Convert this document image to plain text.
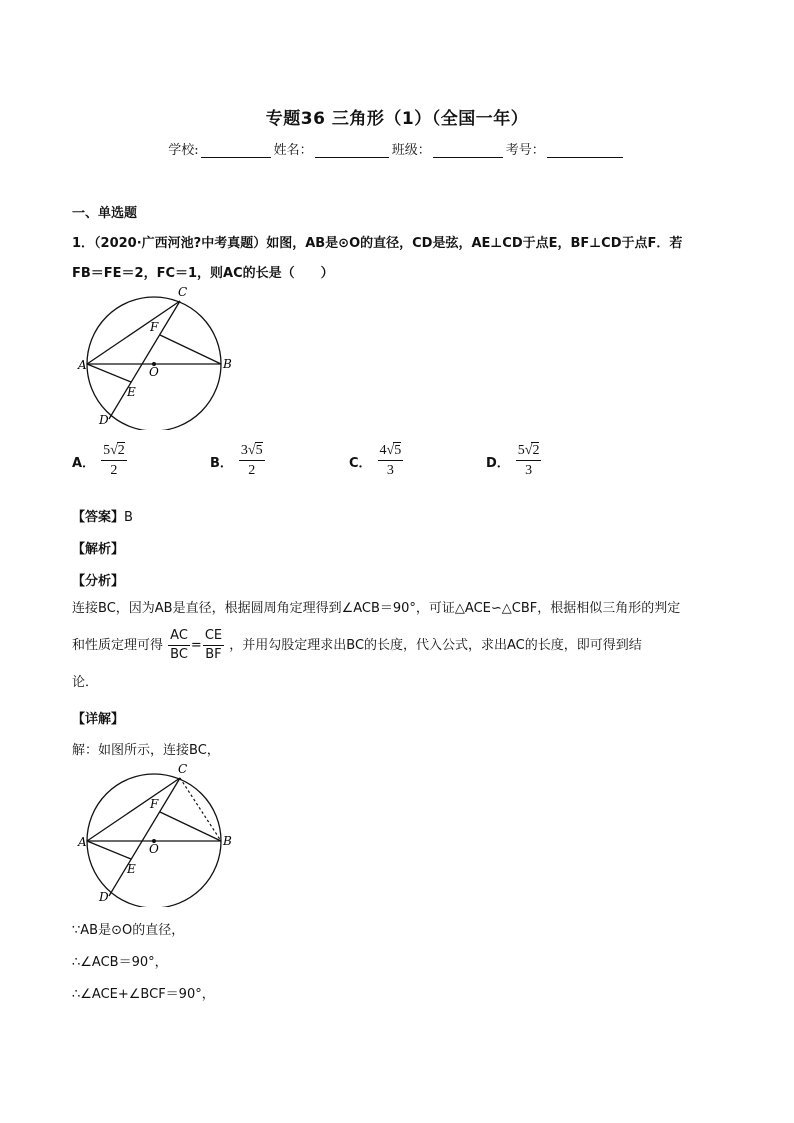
专题36 三角形（1）（全国一年）
学校:	姓名：	班级：	考号：
一、单选题
1．（2020·广西河池?中考真题）如图，AB是⊙O的直径，CD是弦，AE⊥CD于点E，BF⊥CD于点F．若
FB＝FE＝2，FC＝1，则AC的长是（　　）
A	B
C
D
E
F
O
A． $\frac{5√2}{2}$	B． $\frac{3√5}{2}$	C． $\frac{4√5}{3}$	D． $\frac{5√2}{3}$
【答案】B
【解析】
【分析】
连接BC，因为AB是直径，根据圆周角定理得到∠ACB＝90°，可证△ACE∽△CBF，根据相似三角形的判定
和性质定理可得 $\frac{AC}{BC} = \frac{CE}{BF}$ ，并用勾股定理求出BC的长度，代入公式，求出AC的长度，即可得到结
论．
【详解】
解：如图所示，连接BC，
A	B
C
D
E
F
O
∵AB是⊙O的直径，
∴∠ACB＝90°，
∴∠ACE+∠BCF＝90°，
